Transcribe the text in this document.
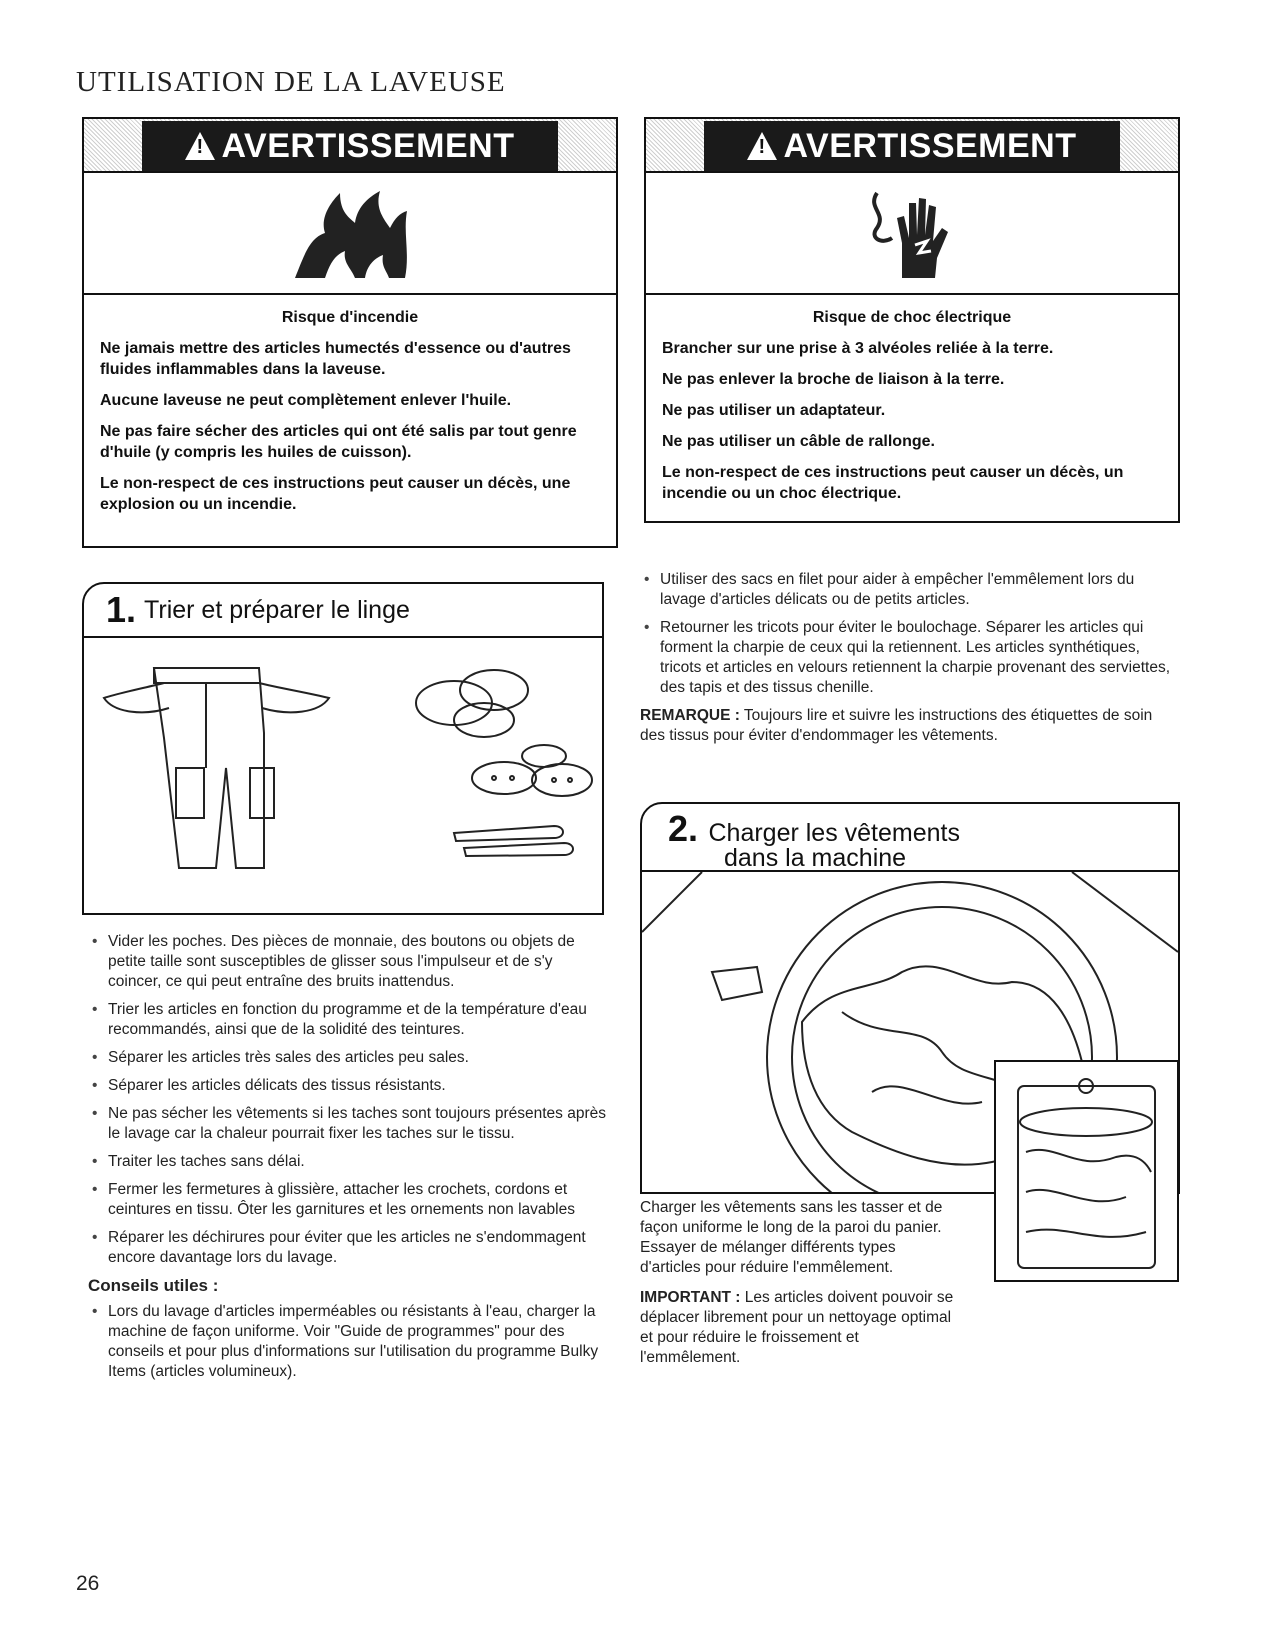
UTILISATION DE LA LAVEUSE
! AVERTISSEMENT
Risque d'incendie

Ne jamais mettre des articles humectés d'essence ou d'autres fluides inflammables dans la laveuse.

Aucune laveuse ne peut complètement enlever l'huile.

Ne pas faire sécher des articles qui ont été salis par tout genre d'huile (y compris les huiles de cuisson).

Le non-respect de ces instructions peut causer un décès, une explosion ou un incendie.

! AVERTISSEMENT
Risque de choc électrique

Brancher sur une prise à 3 alvéoles reliée à la terre.

Ne pas enlever la broche de liaison à la terre.

Ne pas utiliser un adaptateur.

Ne pas utiliser un câble de rallonge.

Le non-respect de ces instructions peut causer un décès, un incendie ou un choc électrique.

1. Trier et préparer le linge
• Vider les poches. Des pièces de monnaie, des boutons ou objets de petite taille sont susceptibles de glisser sous l'impulseur et de s'y coincer, ce qui peut entraîne des bruits inattendus.
• Trier les articles en fonction du programme et de la température d'eau recommandés, ainsi que de la solidité des teintures.
• Séparer les articles très sales des articles peu sales.
• Séparer les articles délicats des tissus résistants.
• Ne pas sécher les vêtements si les taches sont toujours présentes après le lavage car la chaleur pourrait fixer les taches sur le tissu.
• Traiter les taches sans délai.
• Fermer les fermetures à glissière, attacher les crochets, cordons et ceintures en tissu. Ôter les garnitures et les ornements non lavables
• Réparer les déchirures pour éviter que les articles ne s'endommagent encore davantage lors du lavage.
Conseils utiles :
• Lors du lavage d'articles imperméables ou résistants à l'eau, charger la machine de façon uniforme. Voir "Guide de programmes" pour des conseils et pour plus d'informations sur l'utilisation du programme Bulky Items (articles volumineux).
• Utiliser des sacs en filet pour aider à empêcher l'emmêlement lors du lavage d'articles délicats ou de petits articles.
• Retourner les tricots pour éviter le boulochage. Séparer les articles qui forment la charpie de ceux qui la retiennent. Les articles synthétiques, tricots et articles en velours retiennent la charpie provenant des serviettes, des tapis et des tissus chenille.
REMARQUE : Toujours lire et suivre les instructions des étiquettes de soin des tissus pour éviter d'endommager les vêtements.
2. Charger les vêtements
dans la machine
Charger les vêtements sans les tasser et de façon uniforme le long de la paroi du panier. Essayer de mélanger différents types d'articles pour réduire l'emmêlement.
IMPORTANT : Les articles doivent pouvoir se déplacer librement pour un nettoyage optimal et pour réduire le froissement et l'emmêlement.
26
